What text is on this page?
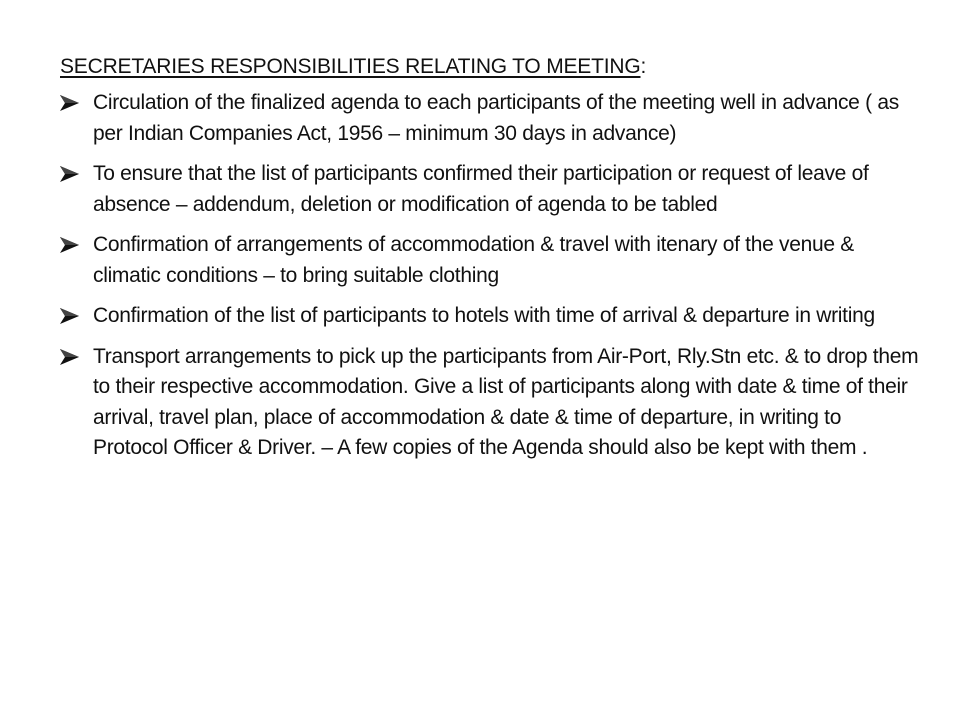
SECRETARIES RESPONSIBILITIES RELATING TO MEETING:
Circulation of the finalized agenda to each participants of the meeting well in advance ( as per Indian Companies Act, 1956 – minimum 30 days in advance)
To ensure that the list of participants confirmed their participation or request of leave of absence – addendum, deletion or modification of agenda to be tabled
Confirmation of arrangements of accommodation & travel with itenary of the venue & climatic conditions – to bring suitable clothing
Confirmation of the list of participants to hotels with time of arrival & departure in writing
Transport arrangements to pick up the participants from Air-Port, Rly.Stn etc. & to drop them to their respective accommodation. Give a list of participants along with date & time of their arrival, travel plan, place of accommodation & date & time of departure, in writing to Protocol Officer & Driver. – A few copies of the Agenda should also be kept with them .
